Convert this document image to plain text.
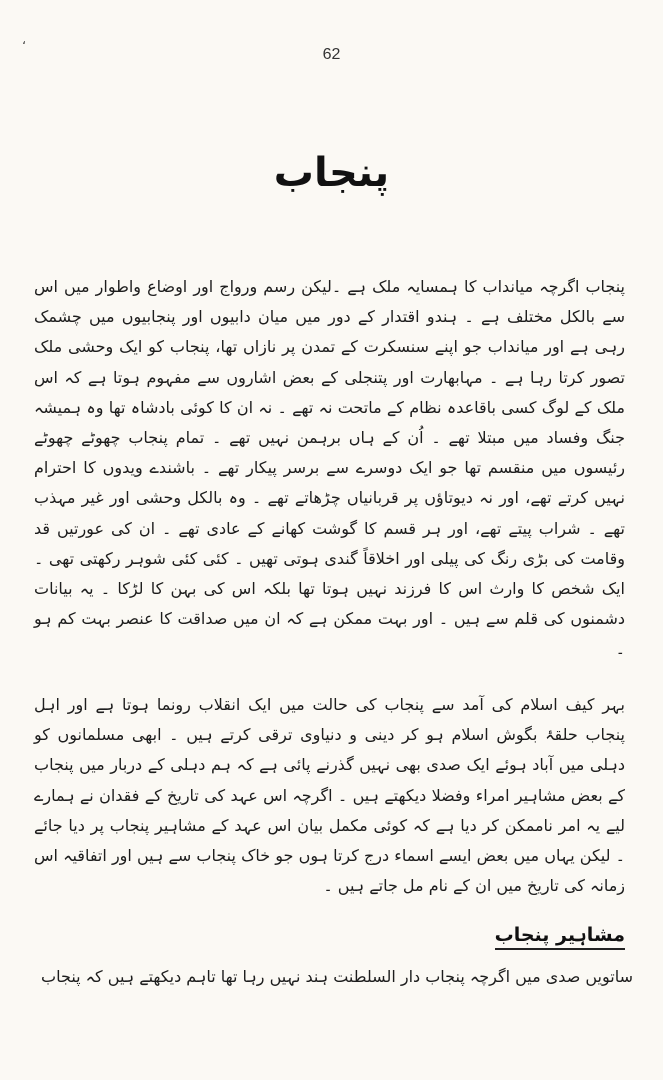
،
62
پنجاب

پنجاب اگرچہ میانداب کا ہمسایہ ملک ہے ۔لیکن رسم ورواج اور اوضاع واطوار میں اس سے بالکل مختلف ہے ۔ ہندو اقتدار کے دور میں میان دابیوں اور پنجابیوں میں چشمک رہی ہے اور میانداب جو اپنے سنسکرت کے تمدن پر نازاں تھا، پنجاب کو ایک وحشی ملک تصور کرتا رہا ہے ۔ مہابھارت اور پتنجلی کے بعض اشاروں سے مفہوم ہوتا ہے کہ اس ملک کے لوگ کسی باقاعدہ نظام کے ماتحت نہ تھے ۔ نہ ان کا کوئی بادشاہ تھا وہ ہمیشہ جنگ وفساد میں مبتلا تھے ۔ اُن کے ہاں برہمن نہیں تھے ۔ تمام پنجاب چھوٹے چھوٹے رئیسوں میں منقسم تھا جو ایک دوسرے سے برسر پیکار تھے ۔ باشندے ویدوں کا احترام نہیں کرتے تھے، اور نہ دیوتاؤں پر قربانیاں چڑھاتے تھے ۔ وہ بالکل وحشی اور غیر مہذب تھے ۔ شراب پیتے تھے، اور ہر قسم کا گوشت کھانے کے عادی تھے ۔ ان کی عورتیں قد وقامت کی بڑی رنگ کی پیلی اور اخلاقاً گندی ہوتی تھیں ۔ کئی کئی شوہر رکھتی تھی ۔ ایک شخص کا وارث اس کا فرزند نہیں ہوتا تھا بلکہ اس کی بہن کا لڑکا ۔ یہ بیانات دشمنوں کی قلم سے ہیں ۔ اور بہت ممکن ہے کہ ان میں صداقت کا عنصر بہت کم ہو ۔

بہر کیف اسلام کی آمد سے پنجاب کی حالت میں ایک انقلاب رونما ہوتا ہے اور اہل پنجاب حلقۂ بگوش اسلام ہو کر دینی و دنیاوی ترقی کرتے ہیں ۔ ابھی مسلمانوں کو دہلی میں آباد ہوئے ایک صدی بھی نہیں گذرنے پائی ہے کہ ہم دہلی کے دربار میں پنجاب کے بعض مشاہیر امراء وفضلا دیکھتے ہیں ۔ اگرچہ اس عہد کی تاریخ کے فقدان نے ہمارے لیے یہ امر ناممکن کر دیا ہے کہ کوئی مکمل بیان اس عہد کے مشاہیر پنجاب پر دیا جائے ۔ لیکن یہاں میں بعض ایسے اسماء درج کرتا ہوں جو خاک پنجاب سے ہیں اور اتفاقیہ اس زمانہ کی تاریخ میں ان کے نام مل جاتے ہیں ۔

مشاہیر پنجاب

ساتویں صدی میں اگرچہ پنجاب دار السلطنت ہند نہیں رہا تھا تاہم دیکھتے ہیں کہ پنجاب
